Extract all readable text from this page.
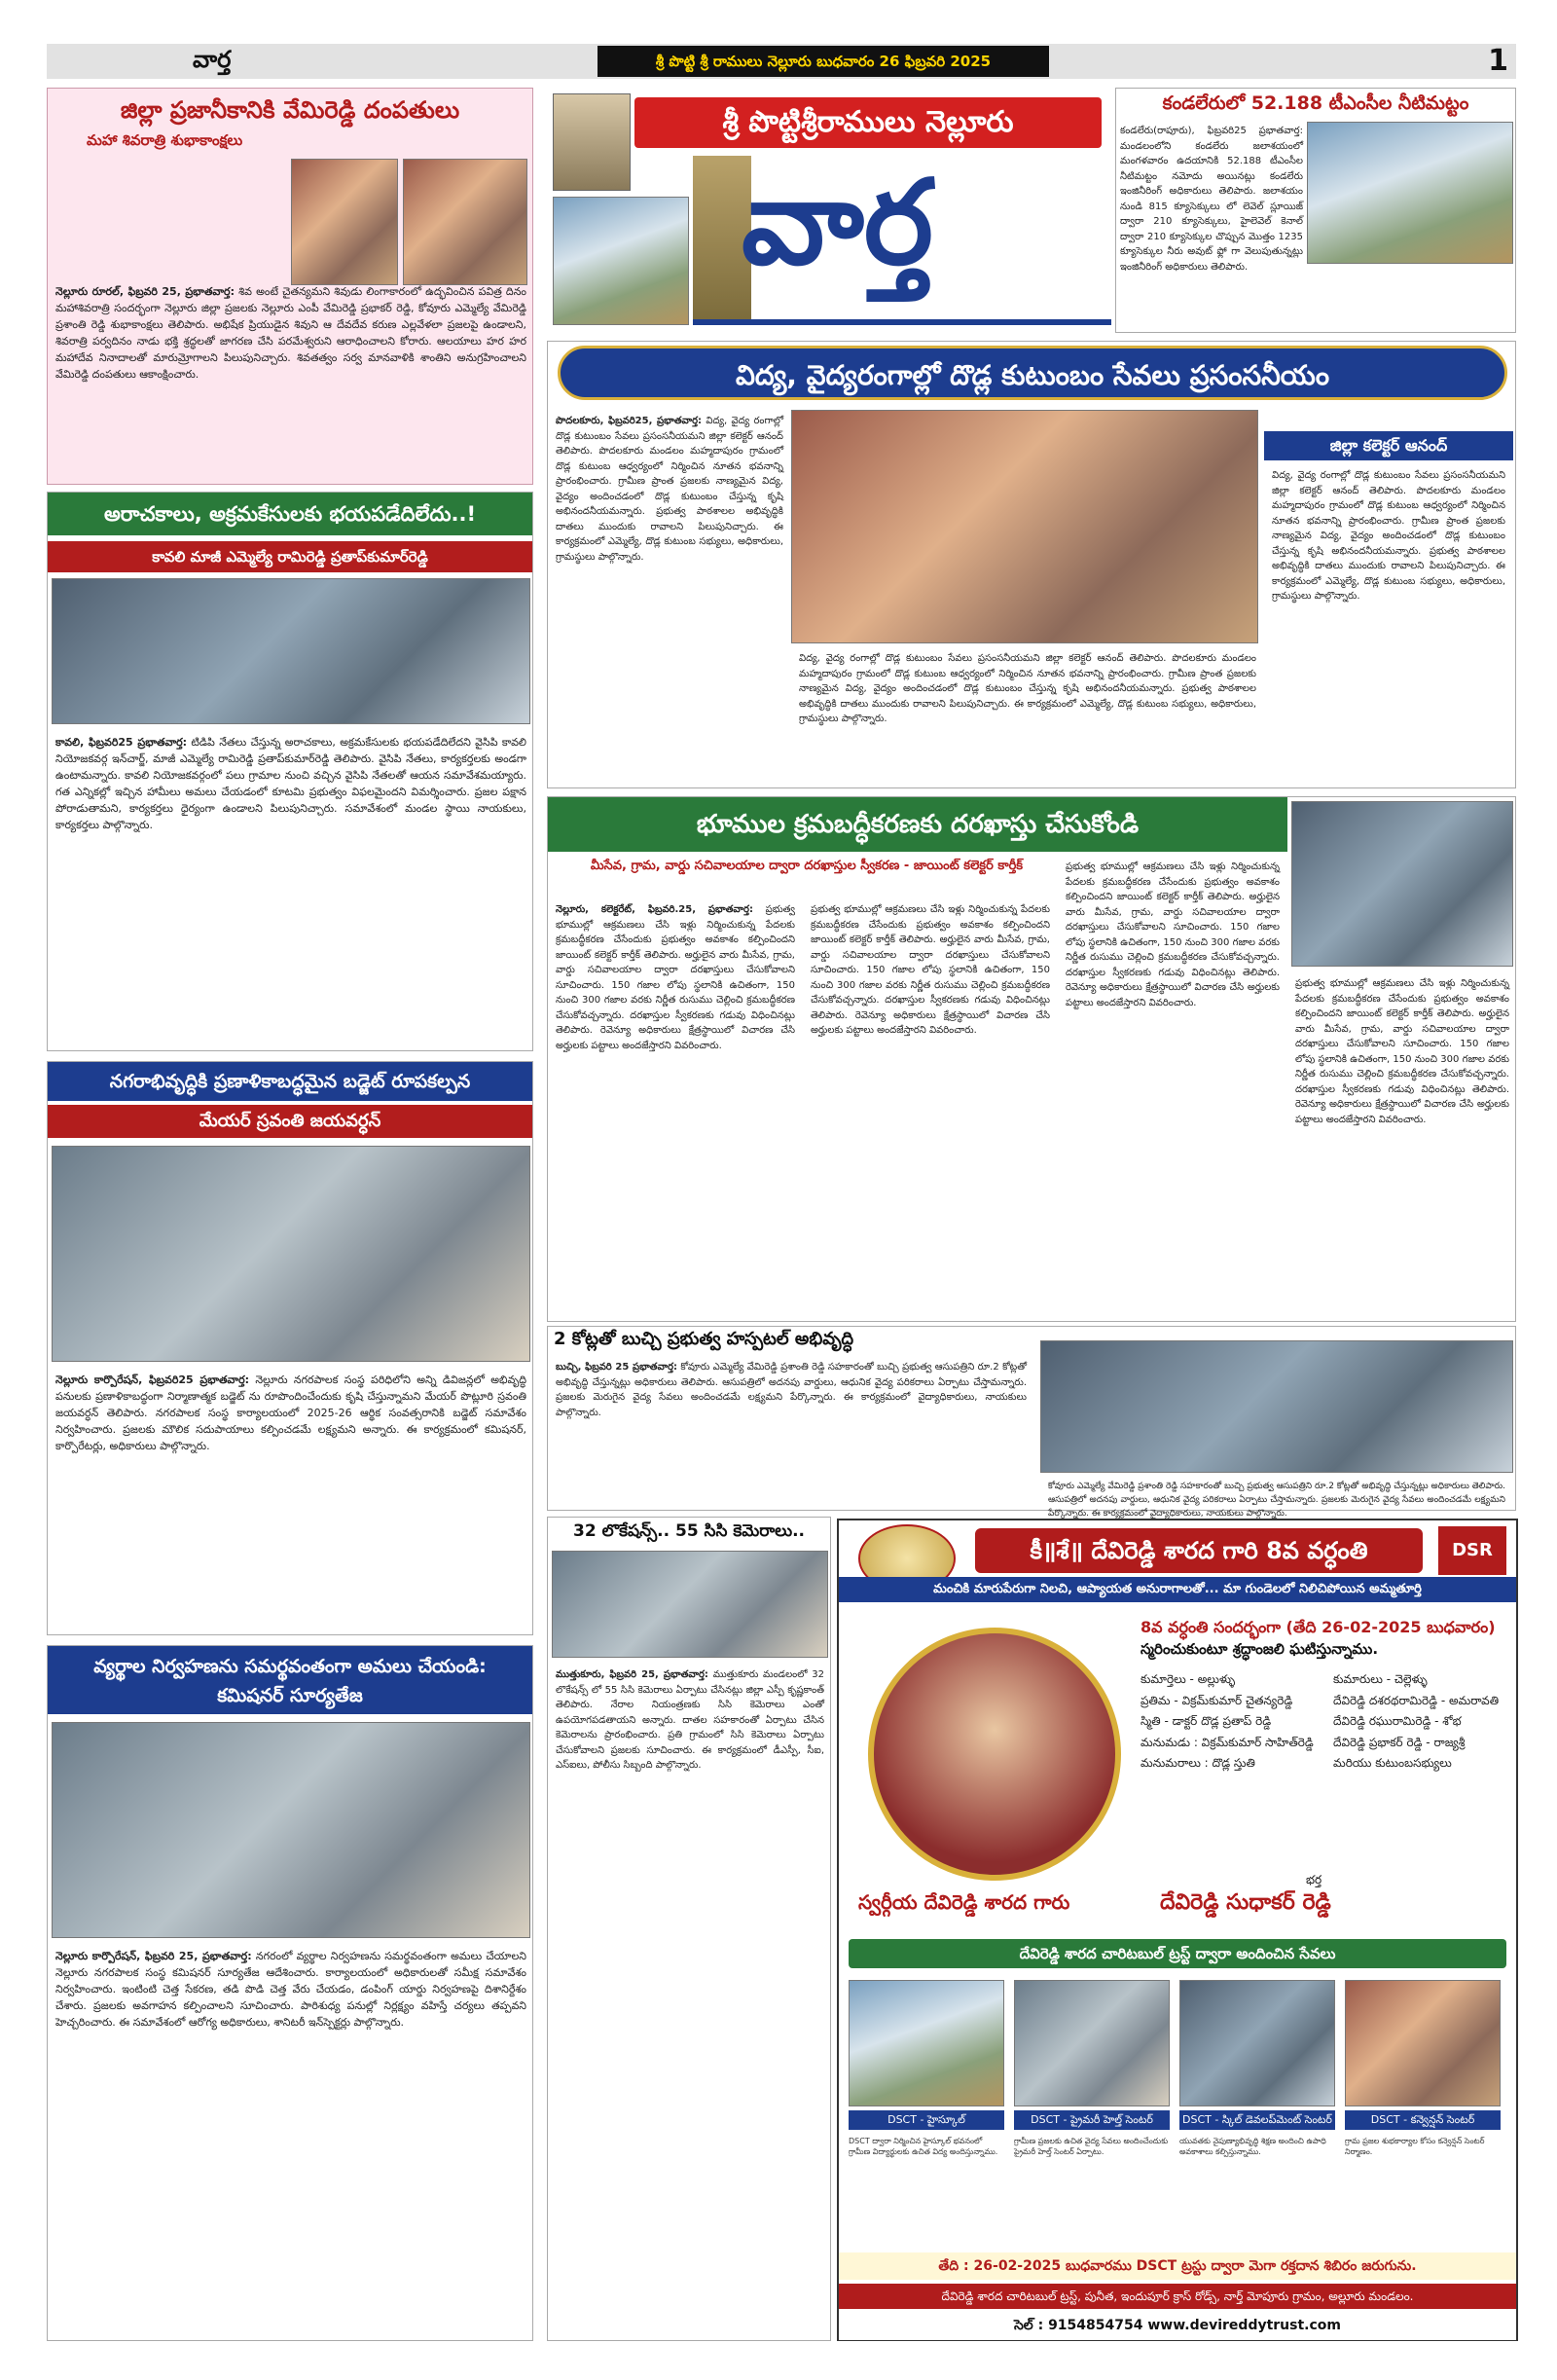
వార్త	శ్రీ పొట్టి శ్రీ రాములు నెల్లూరు బుధవారం 26 ఫిబ్రవరి 2025	1
జిల్లా ప్రజానీకానికి వేమిరెడ్డి దంపతులు
మహా శివరాత్రి శుభాకాంక్షలు
నెల్లూరు రూరల్, ఫిబ్రవరి 25, ప్రభాతవార్త: శివ అంటే చైతన్యమని శివుడు లింగాకారంలో ఉద్భవించిన పవిత్ర దినం మహాశివరాత్రి సందర్భంగా నెల్లూరు జిల్లా ప్రజలకు నెల్లూరు ఎంపీ వేమిరెడ్డి ప్రభాకర్ రెడ్డి, కోవూరు ఎమ్మెల్యే వేమిరెడ్డి ప్రశాంతి రెడ్డి శుభాకాంక్షలు తెలిపారు. అభిషేక ప్రియుడైన శివుని ఆ దేవదేవ కరుణ ఎల్లవేళలా ప్రజలపై ఉండాలని, శివరాత్రి పర్వదినం నాడు భక్తి శ్రద్ధలతో జాగరణ చేసి పరమేశ్వరుని ఆరాధించాలని కోరారు. ఆలయాలు హర హర మహాదేవ నినాదాలతో మారుమ్రోగాలని పిలుపునిచ్చారు. శివతత్వం సర్వ మానవాళికి శాంతిని అనుగ్రహించాలని వేమిరెడ్డి దంపతులు ఆకాంక్షించారు.
అరాచకాలు, అక్రమకేసులకు భయపడేదిలేదు..!
కావలి మాజీ ఎమ్మెల్యే రామిరెడ్డి ప్రతాప్‌కుమార్‌రెడ్డి
కావలి, ఫిబ్రవరి25 ప్రభాతవార్త: టిడిపి నేతలు చేస్తున్న అరాచకాలు, అక్రమకేసులకు భయపడేదిలేదని వైసిపి కావలి నియోజకవర్గ ఇన్‌చార్జ్, మాజీ ఎమ్మెల్యే రామిరెడ్డి ప్రతాప్‌కుమార్‌రెడ్డి తెలిపారు. వైసిపి నేతలు, కార్యకర్తలకు అండగా ఉంటామన్నారు. కావలి నియోజకవర్గంలో పలు గ్రామాల నుంచి వచ్చిన వైసిపి నేతలతో ఆయన సమావేశమయ్యారు. గత ఎన్నికల్లో ఇచ్చిన హామీలు అమలు చేయడంలో కూటమి ప్రభుత్వం విఫలమైందని విమర్శించారు. ప్రజల పక్షాన పోరాడుతామని, కార్యకర్తలు ధైర్యంగా ఉండాలని పిలుపునిచ్చారు. సమావేశంలో మండల స్థాయి నాయకులు, కార్యకర్తలు పాల్గొన్నారు.
నగరాభివృద్ధికి ప్రణాళికాబద్ధమైన బడ్జెట్ రూపకల్పన
మేయర్ స్రవంతి జయవర్ధన్
నెల్లూరు కార్పొరేషన్, ఫిబ్రవరి25 ప్రభాతవార్త: నెల్లూరు నగరపాలక సంస్థ పరిధిలోని అన్ని డివిజన్లలో అభివృద్ధి పనులకు ప్రణాళికాబద్ధంగా నిర్మాణాత్మక బడ్జెట్ ను రూపొందించేందుకు కృషి చేస్తున్నామని మేయర్ పొట్లూరి స్రవంతి జయవర్ధన్ తెలిపారు. నగరపాలక సంస్థ కార్యాలయంలో 2025-26 ఆర్థిక సంవత్సరానికి బడ్జెట్ సమావేశం నిర్వహించారు. ప్రజలకు మౌలిక సదుపాయాలు కల్పించడమే లక్ష్యమని అన్నారు. ఈ కార్యక్రమంలో కమిషనర్, కార్పొరేటర్లు, అధికారులు పాల్గొన్నారు.
వ్యర్థాల నిర్వహణను సమర్థవంతంగా అమలు చేయండి: కమిషనర్ సూర్యతేజ
నెల్లూరు కార్పొరేషన్, ఫిబ్రవరి 25, ప్రభాతవార్త: నగరంలో వ్యర్థాల నిర్వహణను సమర్థవంతంగా అమలు చేయాలని నెల్లూరు నగరపాలక సంస్థ కమిషనర్ సూర్యతేజ ఆదేశించారు. కార్యాలయంలో అధికారులతో సమీక్ష సమావేశం నిర్వహించారు. ఇంటింటి చెత్త సేకరణ, తడి పొడి చెత్త వేరు చేయడం, డంపింగ్ యార్డు నిర్వహణపై దిశానిర్దేశం చేశారు. ప్రజలకు అవగాహన కల్పించాలని సూచించారు. పారిశుధ్య పనుల్లో నిర్లక్ష్యం వహిస్తే చర్యలు తప్పవని హెచ్చరించారు. ఈ సమావేశంలో ఆరోగ్య అధికారులు, శానిటరీ ఇన్‌స్పెక్టర్లు పాల్గొన్నారు.
శ్రీ పొట్టిశ్రీరాములు నెల్లూరు
వార్త
కండలేరులో 52.188 టీఎంసీల నీటిమట్టం
కండలేరు(రాపూరు), ఫిబ్రవరి25 ప్రభాతవార్త: మండలంలోని కండలేరు జలాశయంలో మంగళవారం ఉదయానికి 52.188 టీఎంసీల నీటిమట్టం నమోదు అయినట్లు కండలేరు ఇంజినీరింగ్ అధికారులు తెలిపారు. జలాశయం నుండి 815 క్యూసెక్కులు లో లెవెల్ స్లూయిజ్ ద్వారా 210 క్యూసెక్కులు, హైలెవెల్ కెనాల్ ద్వారా 210 క్యూసెక్కుల చొప్పున మొత్తం 1235 క్యూసెక్కుల నీరు అవుట్ ఫ్లో గా వెలుపుతున్నట్లు ఇంజినీరింగ్ అధికారులు తెలిపారు.
విద్య, వైద్యరంగాల్లో దొడ్ల కుటుంబం సేవలు ప్రసంసనీయం
జిల్లా కలెక్టర్ ఆనంద్
పొదలకూరు, ఫిబ్రవరి25, ప్రభాతవార్త: విద్య, వైద్య రంగాల్లో దొడ్ల కుటుంబం సేవలు ప్రసంసనీయమని జిల్లా కలెక్టర్ ఆనంద్ తెలిపారు. పొదలకూరు మండలం మహ్మదాపురం గ్రామంలో దొడ్ల కుటుంబ ఆధ్వర్యంలో నిర్మించిన నూతన భవనాన్ని ప్రారంభించారు. గ్రామీణ ప్రాంత ప్రజలకు నాణ్యమైన విద్య, వైద్యం అందించడంలో దొడ్ల కుటుంబం చేస్తున్న కృషి అభినందనీయమన్నారు. ప్రభుత్వ పాఠశాలల అభివృద్ధికి దాతలు ముందుకు రావాలని పిలుపునిచ్చారు. ఈ కార్యక్రమంలో ఎమ్మెల్యే, దొడ్ల కుటుంబ సభ్యులు, అధికారులు, గ్రామస్థులు పాల్గొన్నారు.
విద్య, వైద్య రంగాల్లో దొడ్ల కుటుంబం సేవలు ప్రసంసనీయమని జిల్లా కలెక్టర్ ఆనంద్ తెలిపారు. పొదలకూరు మండలం మహ్మదాపురం గ్రామంలో దొడ్ల కుటుంబ ఆధ్వర్యంలో నిర్మించిన నూతన భవనాన్ని ప్రారంభించారు. గ్రామీణ ప్రాంత ప్రజలకు నాణ్యమైన విద్య, వైద్యం అందించడంలో దొడ్ల కుటుంబం చేస్తున్న కృషి అభినందనీయమన్నారు. ప్రభుత్వ పాఠశాలల అభివృద్ధికి దాతలు ముందుకు రావాలని పిలుపునిచ్చారు. ఈ కార్యక్రమంలో ఎమ్మెల్యే, దొడ్ల కుటుంబ సభ్యులు, అధికారులు, గ్రామస్థులు పాల్గొన్నారు.
విద్య, వైద్య రంగాల్లో దొడ్ల కుటుంబం సేవలు ప్రసంసనీయమని జిల్లా కలెక్టర్ ఆనంద్ తెలిపారు. పొదలకూరు మండలం మహ్మదాపురం గ్రామంలో దొడ్ల కుటుంబ ఆధ్వర్యంలో నిర్మించిన నూతన భవనాన్ని ప్రారంభించారు. గ్రామీణ ప్రాంత ప్రజలకు నాణ్యమైన విద్య, వైద్యం అందించడంలో దొడ్ల కుటుంబం చేస్తున్న కృషి అభినందనీయమన్నారు. ప్రభుత్వ పాఠశాలల అభివృద్ధికి దాతలు ముందుకు రావాలని పిలుపునిచ్చారు. ఈ కార్యక్రమంలో ఎమ్మెల్యే, దొడ్ల కుటుంబ సభ్యులు, అధికారులు, గ్రామస్థులు పాల్గొన్నారు.
భూముల క్రమబద్ధీకరణకు దరఖాస్తు చేసుకోండి
మీసేవ, గ్రామ, వార్డు సచివాలయాల ద్వారా దరఖాస్తుల స్వీకరణ - జాయింట్ కలెక్టర్ కార్తీక్
నెల్లూరు, కలెక్టరేట్, ఫిబ్రవరి.25, ప్రభాతవార్త: ప్రభుత్వ భూముల్లో ఆక్రమణలు చేసి ఇళ్లు నిర్మించుకున్న పేదలకు క్రమబద్ధీకరణ చేసేందుకు ప్రభుత్వం అవకాశం కల్పించిందని జాయింట్ కలెక్టర్ కార్తీక్ తెలిపారు. అర్హులైన వారు మీసేవ, గ్రామ, వార్డు సచివాలయాల ద్వారా దరఖాస్తులు చేసుకోవాలని సూచించారు. 150 గజాల లోపు స్థలానికి ఉచితంగా, 150 నుంచి 300 గజాల వరకు నిర్ణీత రుసుము చెల్లించి క్రమబద్ధీకరణ చేసుకోవచ్చన్నారు. దరఖాస్తుల స్వీకరణకు గడువు విధించినట్లు తెలిపారు. రెవెన్యూ అధికారులు క్షేత్రస్థాయిలో విచారణ చేసి అర్హులకు పట్టాలు అందజేస్తారని వివరించారు.
ప్రభుత్వ భూముల్లో ఆక్రమణలు చేసి ఇళ్లు నిర్మించుకున్న పేదలకు క్రమబద్ధీకరణ చేసేందుకు ప్రభుత్వం అవకాశం కల్పించిందని జాయింట్ కలెక్టర్ కార్తీక్ తెలిపారు. అర్హులైన వారు మీసేవ, గ్రామ, వార్డు సచివాలయాల ద్వారా దరఖాస్తులు చేసుకోవాలని సూచించారు. 150 గజాల లోపు స్థలానికి ఉచితంగా, 150 నుంచి 300 గజాల వరకు నిర్ణీత రుసుము చెల్లించి క్రమబద్ధీకరణ చేసుకోవచ్చన్నారు. దరఖాస్తుల స్వీకరణకు గడువు విధించినట్లు తెలిపారు. రెవెన్యూ అధికారులు క్షేత్రస్థాయిలో విచారణ చేసి అర్హులకు పట్టాలు అందజేస్తారని వివరించారు.
ప్రభుత్వ భూముల్లో ఆక్రమణలు చేసి ఇళ్లు నిర్మించుకున్న పేదలకు క్రమబద్ధీకరణ చేసేందుకు ప్రభుత్వం అవకాశం కల్పించిందని జాయింట్ కలెక్టర్ కార్తీక్ తెలిపారు. అర్హులైన వారు మీసేవ, గ్రామ, వార్డు సచివాలయాల ద్వారా దరఖాస్తులు చేసుకోవాలని సూచించారు. 150 గజాల లోపు స్థలానికి ఉచితంగా, 150 నుంచి 300 గజాల వరకు నిర్ణీత రుసుము చెల్లించి క్రమబద్ధీకరణ చేసుకోవచ్చన్నారు. దరఖాస్తుల స్వీకరణకు గడువు విధించినట్లు తెలిపారు. రెవెన్యూ అధికారులు క్షేత్రస్థాయిలో విచారణ చేసి అర్హులకు పట్టాలు అందజేస్తారని వివరించారు.
ప్రభుత్వ భూముల్లో ఆక్రమణలు చేసి ఇళ్లు నిర్మించుకున్న పేదలకు క్రమబద్ధీకరణ చేసేందుకు ప్రభుత్వం అవకాశం కల్పించిందని జాయింట్ కలెక్టర్ కార్తీక్ తెలిపారు. అర్హులైన వారు మీసేవ, గ్రామ, వార్డు సచివాలయాల ద్వారా దరఖాస్తులు చేసుకోవాలని సూచించారు. 150 గజాల లోపు స్థలానికి ఉచితంగా, 150 నుంచి 300 గజాల వరకు నిర్ణీత రుసుము చెల్లించి క్రమబద్ధీకరణ చేసుకోవచ్చన్నారు. దరఖాస్తుల స్వీకరణకు గడువు విధించినట్లు తెలిపారు. రెవెన్యూ అధికారులు క్షేత్రస్థాయిలో విచారణ చేసి అర్హులకు పట్టాలు అందజేస్తారని వివరించారు.
2 కోట్లతో బుచ్చి ప్రభుత్వ హస్పటల్ అభివృద్ధి
బుచ్చి, ఫిబ్రవరి 25 ప్రభాతవార్త: కోవూరు ఎమ్మెల్యే వేమిరెడ్డి ప్రశాంతి రెడ్డి సహకారంతో బుచ్చి ప్రభుత్వ ఆసుపత్రిని రూ.2 కోట్లతో అభివృద్ధి చేస్తున్నట్లు అధికారులు తెలిపారు. ఆసుపత్రిలో అదనపు వార్డులు, ఆధునిక వైద్య పరికరాలు ఏర్పాటు చేస్తామన్నారు. ప్రజలకు మెరుగైన వైద్య సేవలు అందించడమే లక్ష్యమని పేర్కొన్నారు. ఈ కార్యక్రమంలో వైద్యాధికారులు, నాయకులు పాల్గొన్నారు.
కోవూరు ఎమ్మెల్యే వేమిరెడ్డి ప్రశాంతి రెడ్డి సహకారంతో బుచ్చి ప్రభుత్వ ఆసుపత్రిని రూ.2 కోట్లతో అభివృద్ధి చేస్తున్నట్లు అధికారులు తెలిపారు. ఆసుపత్రిలో అదనపు వార్డులు, ఆధునిక వైద్య పరికరాలు ఏర్పాటు చేస్తామన్నారు. ప్రజలకు మెరుగైన వైద్య సేవలు అందించడమే లక్ష్యమని పేర్కొన్నారు. ఈ కార్యక్రమంలో వైద్యాధికారులు, నాయకులు పాల్గొన్నారు.
32 లొకేషన్స్.. 55 సిసి కెమెరాలు..
ముత్తుకూరు, ఫిబ్రవరి 25, ప్రభాతవార్త: ముత్తుకూరు మండలంలో 32 లొకేషన్స్ లో 55 సిసి కెమెరాలు ఏర్పాటు చేసినట్లు జిల్లా ఎస్పీ కృష్ణకాంత్ తెలిపారు. నేరాల నియంత్రణకు సిసి కెమెరాలు ఎంతో ఉపయోగపడతాయని అన్నారు. దాతల సహకారంతో ఏర్పాటు చేసిన కెమెరాలను ప్రారంభించారు. ప్రతి గ్రామంలో సిసి కెమెరాలు ఏర్పాటు చేసుకోవాలని ప్రజలకు సూచించారు. ఈ కార్యక్రమంలో డీఎస్పీ, సీఐ, ఎస్ఐలు, పోలీసు సిబ్బంది పాల్గొన్నారు.
కీ॥శే॥ దేవిరెడ్డి శారద గారి 8వ వర్ధంతి	DSR
మంచికి మారుపేరుగా నిలచి, ఆప్యాయత అనురాగాలతో... మా గుండెలలో నిలిచిపోయిన అమ్మతూర్తి
8వ వర్ధంతి సందర్భంగా (తేది 26-02-2025 బుధవారం)
స్మరించుకుంటూ శ్రద్ధాంజలి ఘటిస్తున్నాము.
కుమార్తెలు - అల్లుళ్ళు
ప్రతిమ - విక్రమ్‌కుమార్ చైతన్యరెడ్డి
స్మితి - డాక్టర్ దొడ్ల ప్రతాప్ రెడ్డి
మనుమడు : విక్రమ్‌కుమార్ సాహిత్‌రెడ్డి
మనుమరాలు : దొడ్ల స్తుతి
కుమారులు - చెల్లెళ్ళు
దేవిరెడ్డి దశరథరామిరెడ్డి - అమరావతి
దేవిరెడ్డి రఘురామిరెడ్డి - శోభ
దేవిరెడ్డి ప్రభాకర్ రెడ్డి - రాజ్యశ్రీ
మరియు కుటుంబసభ్యులు
స్వర్గీయ దేవిరెడ్డి శారద గారు
భర్త
దేవిరెడ్డి సుధాకర్ రెడ్డి
దేవిరెడ్డి శారద చారిటబుల్ ట్రస్ట్ ద్వారా అందించిన సేవలు
DSCT - హైస్కూల్	DSCT - ప్రైమరీ హెల్త్ సెంటర్	DSCT - స్కిల్ డెవలప్‌మెంట్ సెంటర్	DSCT - కన్వెన్షన్ సెంటర్
DSCT ద్వారా నిర్మించిన హైస్కూల్ భవనంలో గ్రామీణ విద్యార్థులకు ఉచిత విద్య అందిస్తున్నాము.
గ్రామీణ ప్రజలకు ఉచిత వైద్య సేవలు అందించేందుకు ప్రైమరీ హెల్త్ సెంటర్ ఏర్పాటు.
యువతకు నైపుణ్యాభివృద్ధి శిక్షణ అందించి ఉపాధి అవకాశాలు కల్పిస్తున్నాము.
గ్రామ ప్రజల శుభకార్యాల కోసం కన్వెన్షన్ సెంటర్ నిర్మాణం.
తేది : 26-02-2025 బుధవారము DSCT ట్రస్టు ద్వారా మెగా రక్తదాన శిబిరం జరుగును.
దేవిరెడ్డి శారద చారిటబుల్ ట్రస్ట్, పునీత, ఇందుపూర్ క్రాస్ రోడ్స్, నార్త్ మోపూరు గ్రామం, అల్లూరు మండలం.
సెల్ : 9154854754 www.devireddytrust.com
